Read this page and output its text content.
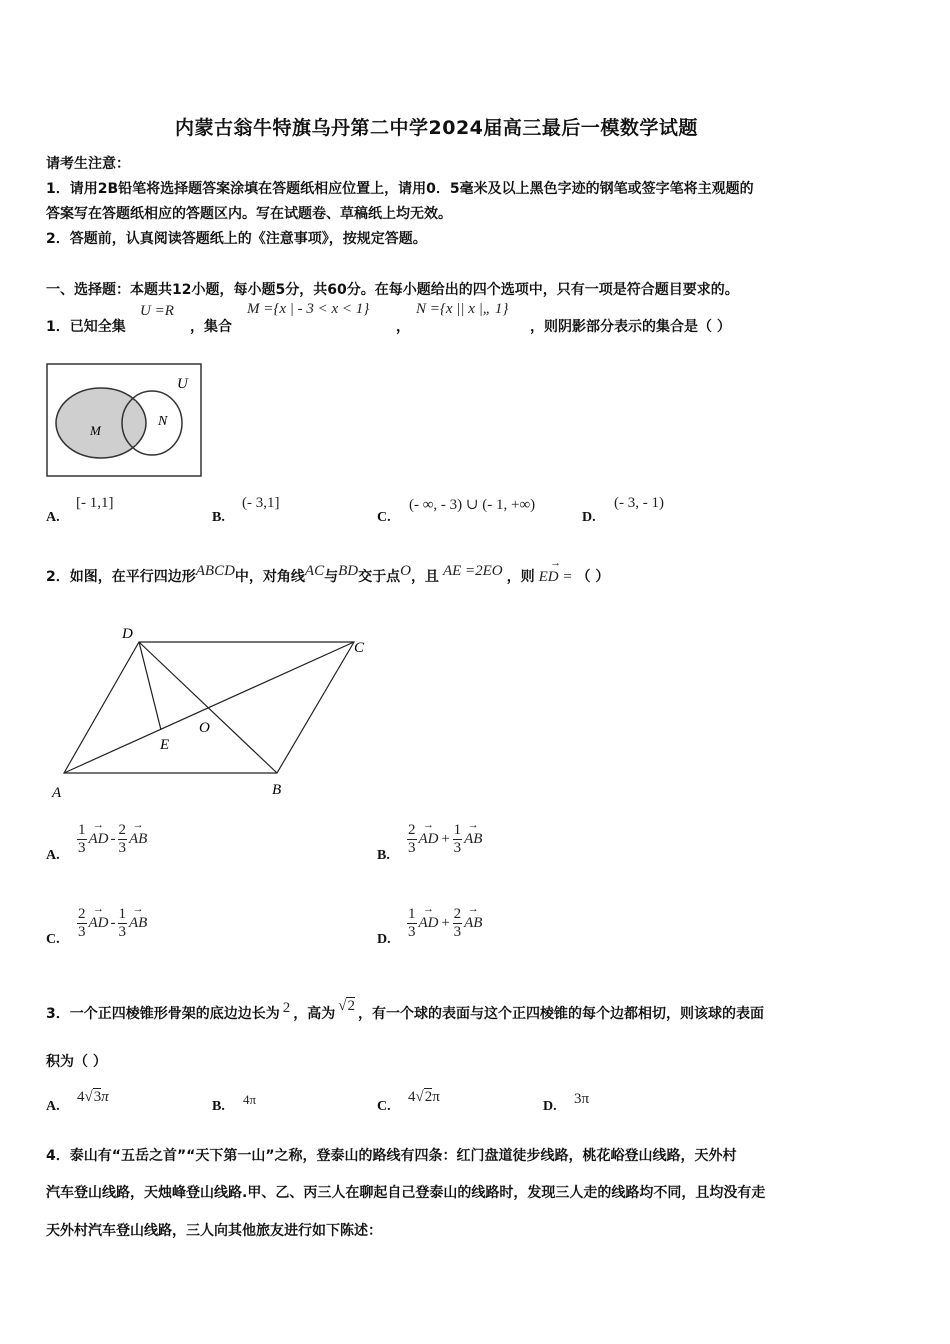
内蒙古翁牛特旗乌丹第二中学2024届高三最后一模数学试题
请考生注意：
1．请用2B铅笔将选择题答案涂填在答题纸相应位置上，请用0．5毫米及以上黑色字迹的钢笔或签字笔将主观题的
答案写在答题纸相应的答题区内。写在试题卷、草稿纸上均无效。
2．答题前，认真阅读答题纸上的《注意事项》，按规定答题。
一、选择题：本题共12小题，每小题5分，共60分。在每小题给出的四个选项中，只有一项是符合题目要求的。
1．已知全集
U =R
，集合
M ={x | - 3 < x < 1}
，
N ={x || x |„ 1}
，则阴影部分表示的集合是（ ）
U
M
N
A.
[- 1,1]
B.
(- 3,1]
C.
(- ∞, - 3) ∪ (- 1, +∞)
D.
(- 3, - 1)
2．如图，在平行四边形 ABCD 中，对角线 AC 与 BD 交于点 O ，且 AE =2EO ，则 → ED = （ ）
A	B
C
D
E
O
A. $\frac{1}{3}$ → AD - $\frac{2}{3}$ → AB
B. $\frac{2}{3}$ → AD + $\frac{1}{3}$ → AB
C. $\frac{2}{3}$ → AD - $\frac{1}{3}$ → AB
D. $\frac{1}{3}$ → AD + $\frac{2}{3}$ → AB
3．一个正四棱锥形骨架的底边边长为 2 ，高为 √2 ，有一个球的表面与这个正四棱锥的每个边都相切，则该球的表面
积为（ ）
A.
4√3π
B. 4π	C.
4√2π
D. 3π
4．泰山有“五岳之首”“天下第一山”之称，登泰山的路线有四条：红门盘道徒步线路，桃花峪登山线路，天外村
汽车登山线路，天烛峰登山线路.甲、乙、丙三人在聊起自己登泰山的线路时，发现三人走的线路均不同，且均没有走
天外村汽车登山线路，三人向其他旅友进行如下陈述：
